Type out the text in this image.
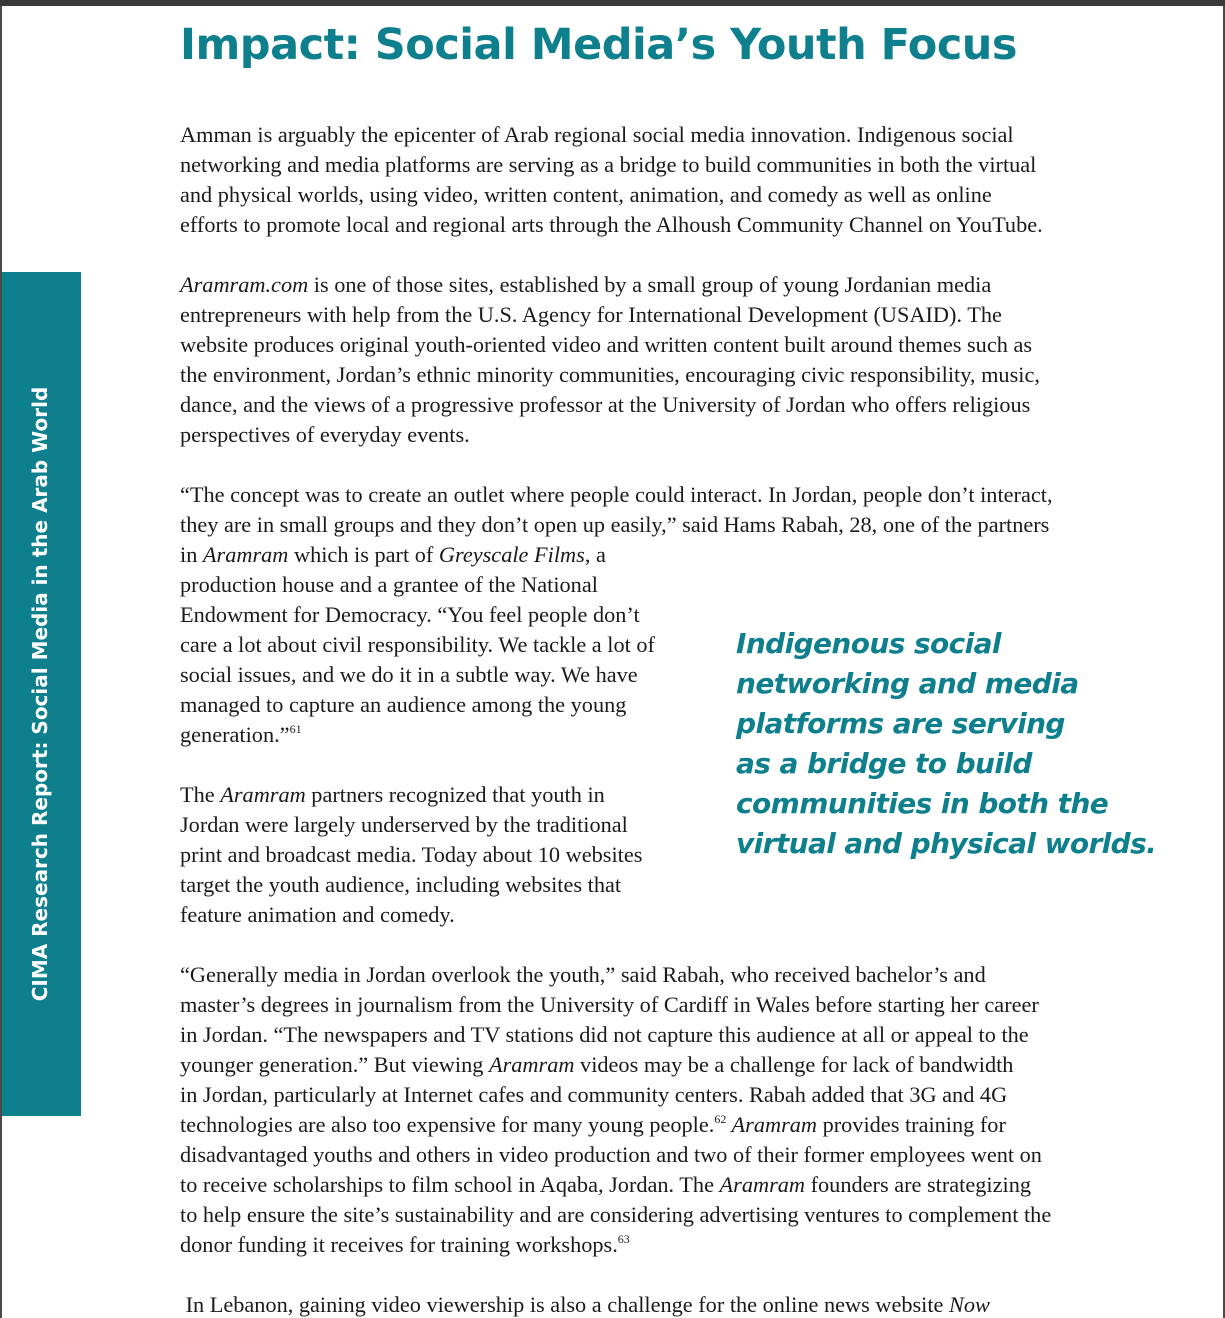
CIMA Research Report: Social Media in the Arab World
Impact: Social Media’s Youth Focus

Amman is arguably the epicenter of Arab regional social media innovation. Indigenous social
networking and media platforms are serving as a bridge to build communities in both the virtual
and physical worlds, using video, written content, animation, and comedy as well as online
efforts to promote local and regional arts through the Alhoush Community Channel on YouTube.

Aramram.com is one of those sites, established by a small group of young Jordanian media
entrepreneurs with help from the U.S. Agency for International Development (USAID). The
website produces original youth-oriented video and written content built around themes such as
the environment, Jordan’s ethnic minority communities, encouraging civic responsibility, music,
dance, and the views of a progressive professor at the University of Jordan who offers religious
perspectives of everyday events.

“The concept was to create an outlet where people could interact. In Jordan, people don’t interact,
they are in small groups and they don’t open up easily,” said Hams Rabah, 28, one of the partners
in Aramram which is part of Greyscale Films, a
production house and a grantee of the National
Endowment for Democracy. “You feel people don’t
care a lot about civil responsibility. We tackle a lot of
social issues, and we do it in a subtle way. We have
managed to capture an audience among the young
generation.”$^{61}$

The Aramram partners recognized that youth in
Jordan were largely underserved by the traditional
print and broadcast media. Today about 10 websites
target the youth audience, including websites that
feature animation and comedy.

Indigenous social
networking and media
platforms are serving
as a bridge to build
communities in both the
virtual and physical worlds.

“Generally media in Jordan overlook the youth,” said Rabah, who received bachelor’s and
master’s degrees in journalism from the University of Cardiff in Wales before starting her career
in Jordan. “The newspapers and TV stations did not capture this audience at all or appeal to the
younger generation.” But viewing Aramram videos may be a challenge for lack of bandwidth
in Jordan, particularly at Internet cafes and community centers. Rabah added that 3G and 4G
technologies are also too expensive for many young people.$^{62}$ Aramram provides training for
disadvantaged youths and others in video production and two of their former employees went on
to receive scholarships to film school in Aqaba, Jordan. The Aramram founders are strategizing
to help ensure the site’s sustainability and are considering advertising ventures to complement the
donor funding it receives for training workshops.$^{63}$

In Lebanon, gaining video viewership is also a challenge for the online news website Now
